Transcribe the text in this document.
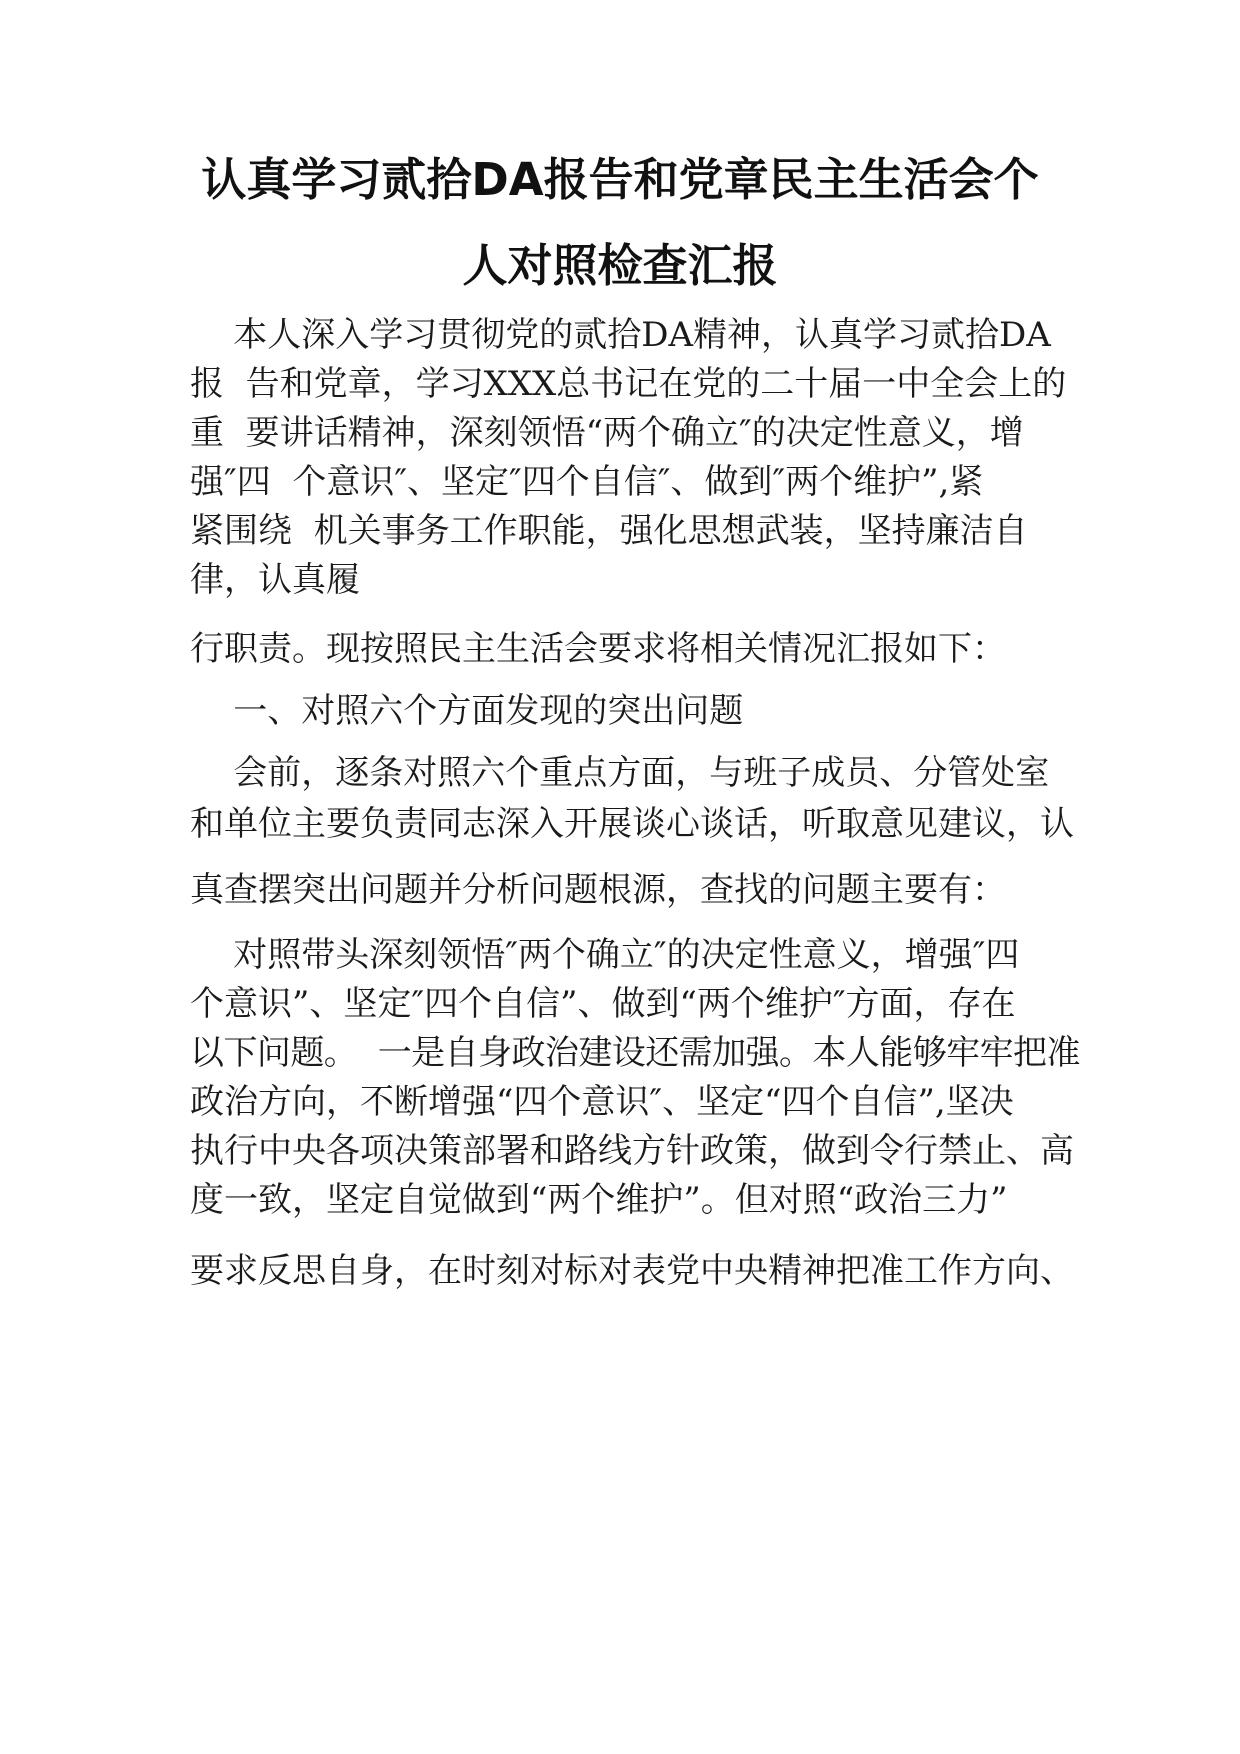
认真学习贰拾DA报告和党章民主生活会个
人对照检查汇报
本人深入学习贯彻党的贰拾DA精神，认真学习贰拾DA
报  告和党章，学习XXX总书记在党的二十届一中全会上的
重  要讲话精神，深刻领悟“两个确立″的决定性意义，增
强″四  个意识″、坚定″四个自信″、做到″两个维护”,紧
紧围绕  机关事务工作职能，强化思想武装，坚持廉洁自
律，认真履
行职责。现按照民主生活会要求将相关情况汇报如下：
一、对照六个方面发现的突出问题
会前，逐条对照六个重点方面，与班子成员、分管处室
和单位主要负责同志深入开展谈心谈话，听取意见建议，认
真查摆突出问题并分析问题根源，查找的问题主要有：
对照带头深刻领悟″两个确立″的决定性意义，增强″四
个意识”、坚定″四个自信”、做到“两个维护″方面，存在
以下问题。  一是自身政治建设还需加强。本人能够牢牢把准
政治方向，不断增强“四个意识″、坚定“四个自信”,坚决
执行中央各项决策部署和路线方针政策，做到令行禁止、高
度一致，坚定自觉做到“两个维护”。但对照“政治三力”
要求反思自身，在时刻对标对表党中央精神把准工作方向、
